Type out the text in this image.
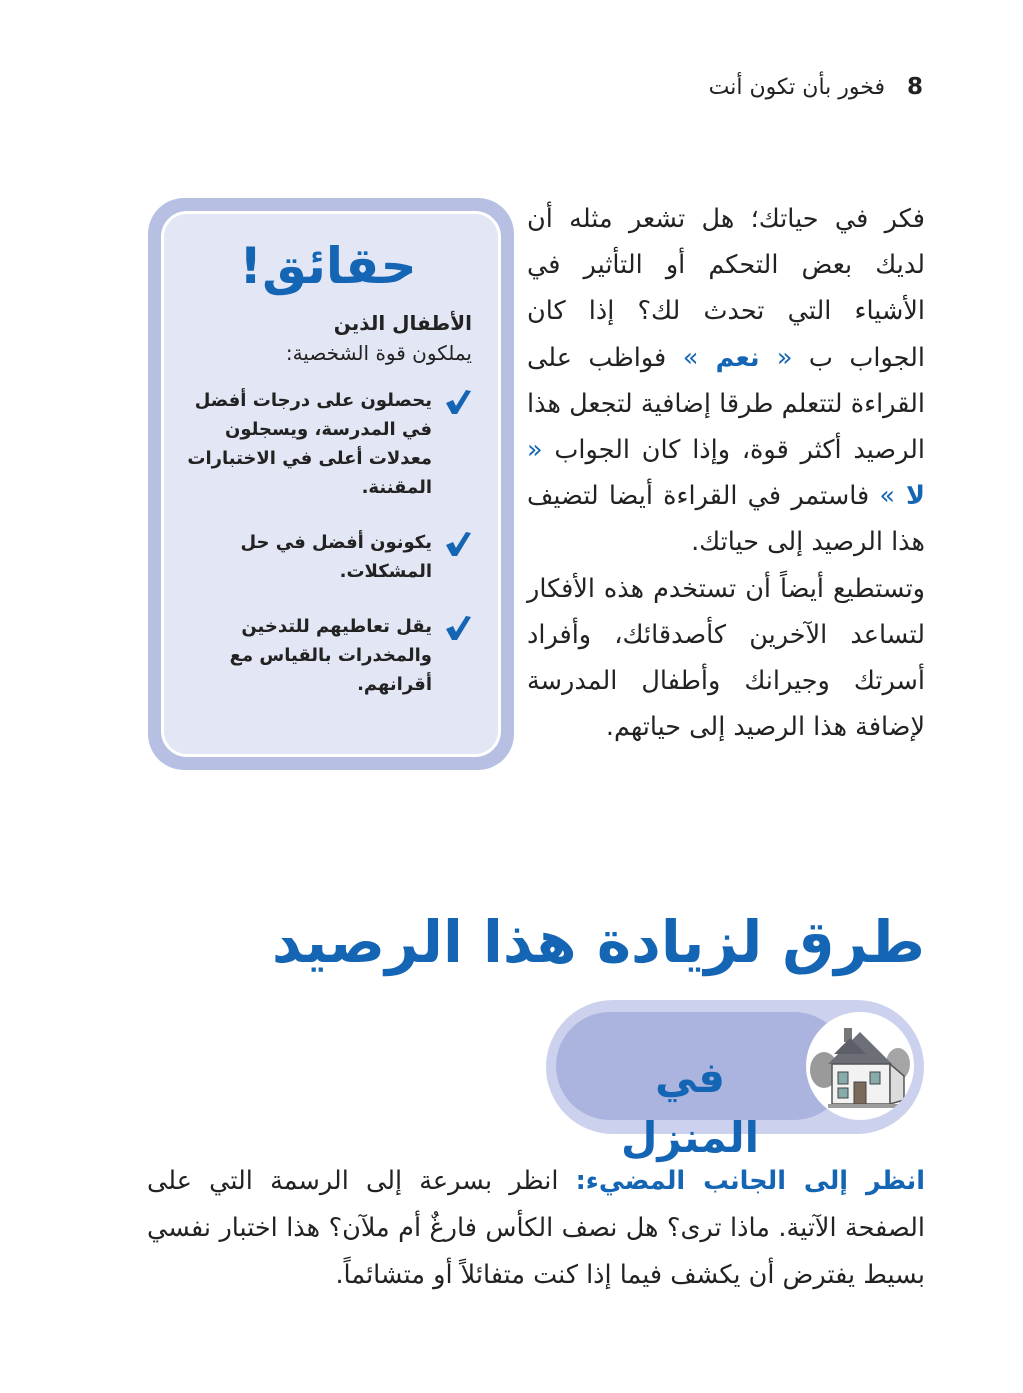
8
فخور بأن تكون أنت

فكر في حياتك؛ هل تشعر مثله أن لديك بعض التحكم أو التأثير في الأشياء التي تحدث لك؟ إذا كان الجواب ب « نعم » فواظب على القراءة لتتعلم طرقا إضافية لتجعل هذا الرصيد أكثر قوة، وإذا كان الجواب « لا » فاستمر في القراءة أيضا لتضيف هذا الرصيد إلى حياتك.

وتستطيع أيضاً أن تستخدم هذه الأفكار لتساعد الآخرين كأصدقائك، وأفراد أسرتك وجيرانك وأطفال المدرسة لإضافة هذا الرصيد إلى حياتهم.

حقائق!
الأطفال الذين
يملكون قوة الشخصية:
يحصلون على درجات أفضل في المدرسة، ويسجلون معدلات أعلى في الاختبارات المقننة.
يكونون أفضل في حل المشكلات.
يقل تعاطيهم للتدخين والمخدرات بالقياس مع أقرانهم.
طرق لزيادة هذا الرصيد
في المنزل

انظر إلى الجانب المضيء: انظر بسرعة إلى الرسمة التي على الصفحة الآتية. ماذا ترى؟ هل نصف الكأس فارغٌ أم ملآن؟ هذا اختبار نفسي بسيط يفترض أن يكشف فيما إذا كنت متفائلاً أو متشائماً.
